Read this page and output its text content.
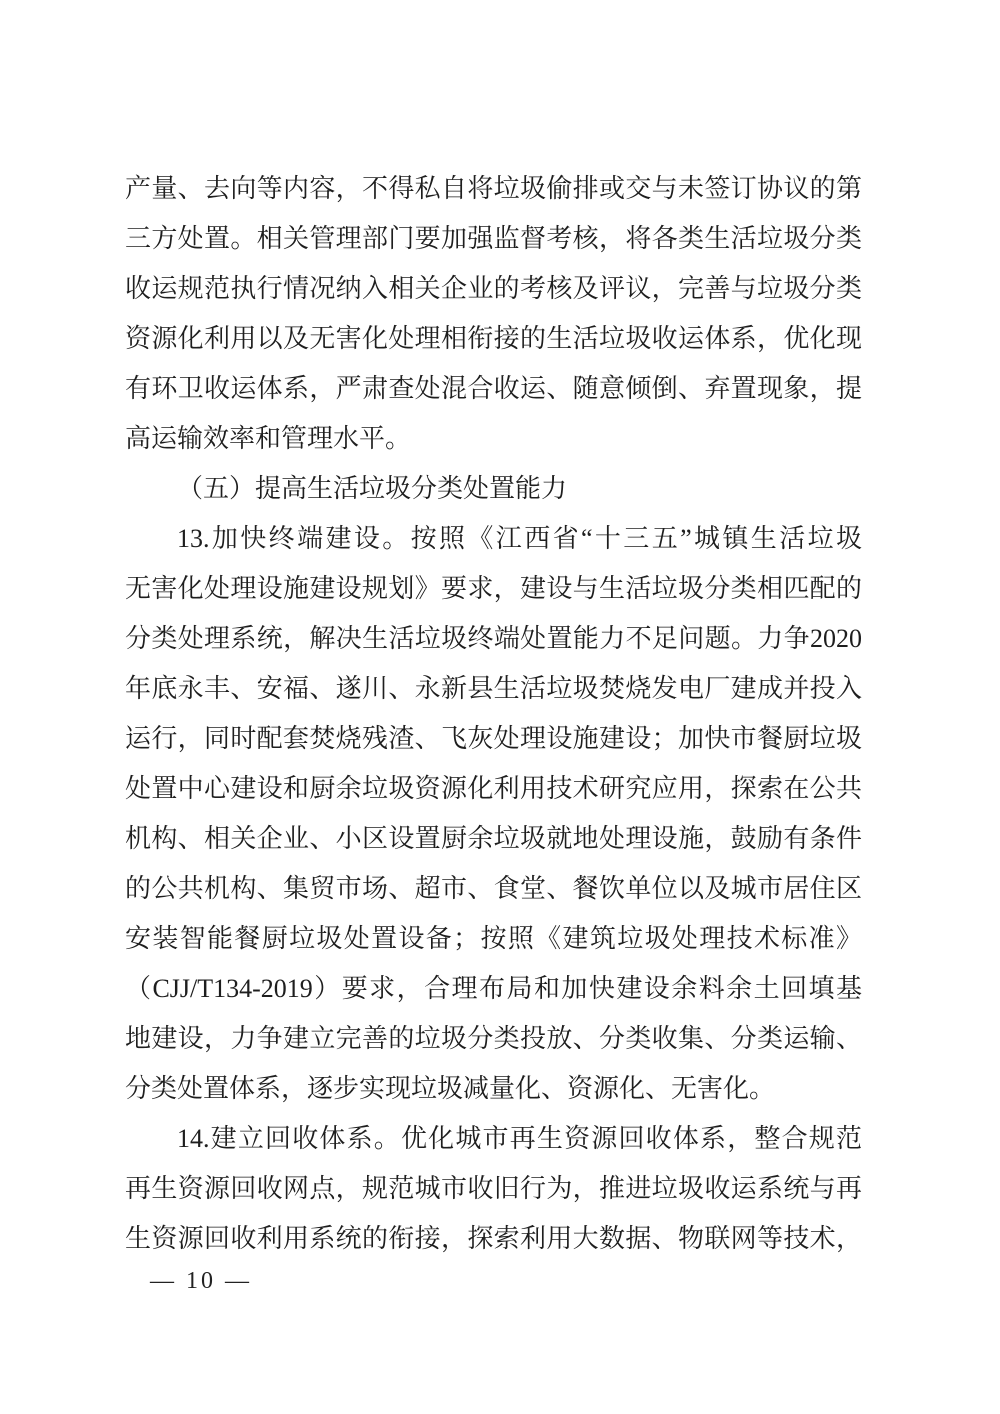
产量、去向等内容，不得私自将垃圾偷排或交与未签订协议的第
三方处置。相关管理部门要加强监督考核，将各类生活垃圾分类
收运规范执行情况纳入相关企业的考核及评议，完善与垃圾分类
资源化利用以及无害化处理相衔接的生活垃圾收运体系，优化现
有环卫收运体系，严肃查处混合收运、随意倾倒、弃置现象，提
高运输效率和管理水平。
（五）提高生活垃圾分类处置能力
13.加快终端建设。按照《江西省“十三五”城镇生活垃圾
无害化处理设施建设规划》要求，建设与生活垃圾分类相匹配的
分类处理系统，解决生活垃圾终端处置能力不足问题。力争2020
年底永丰、安福、遂川、永新县生活垃圾焚烧发电厂建成并投入
运行，同时配套焚烧残渣、飞灰处理设施建设；加快市餐厨垃圾
处置中心建设和厨余垃圾资源化利用技术研究应用，探索在公共
机构、相关企业、小区设置厨余垃圾就地处理设施，鼓励有条件
的公共机构、集贸市场、超市、食堂、餐饮单位以及城市居住区
安装智能餐厨垃圾处置设备；按照《建筑垃圾处理技术标准》
（CJJ/T134-2019）要求，合理布局和加快建设余料余土回填基
地建设，力争建立完善的垃圾分类投放、分类收集、分类运输、
分类处置体系，逐步实现垃圾减量化、资源化、无害化。
14.建立回收体系。优化城市再生资源回收体系，整合规范
再生资源回收网点，规范城市收旧行为，推进垃圾收运系统与再
生资源回收利用系统的衔接，探索利用大数据、物联网等技术，
— 10 —
